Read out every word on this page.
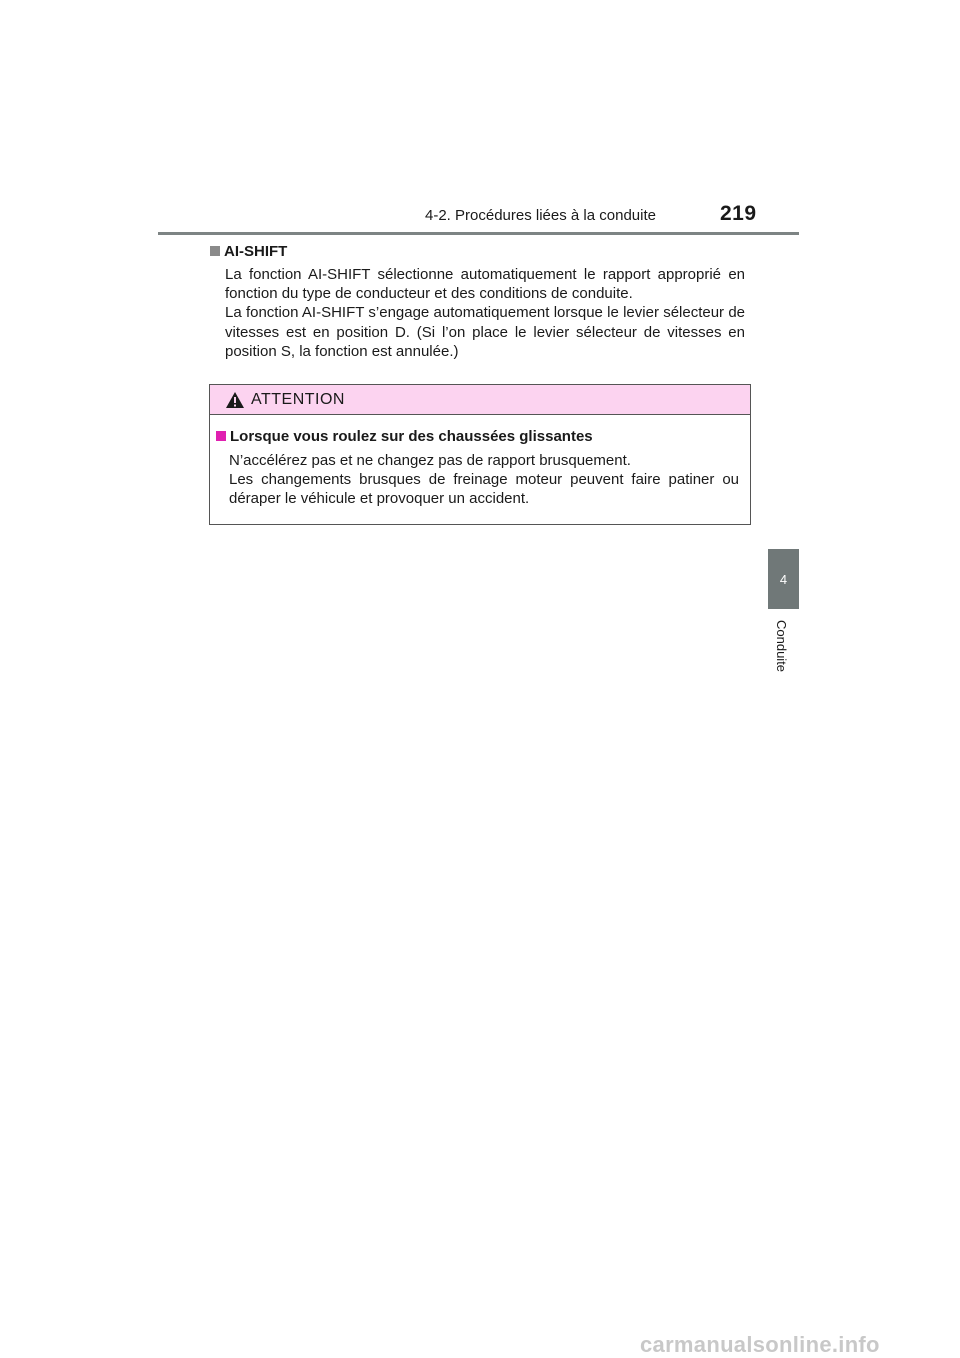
4-2. Procédures liées à la conduite	219
4
Conduite
AI-SHIFT

La fonction AI-SHIFT sélectionne automatiquement le rapport approprié en fonction du type de conducteur et des conditions de conduite.

La fonction AI-SHIFT s’engage automatiquement lorsque le levier sélecteur de vitesses est en position D. (Si l’on place le levier sélecteur de vitesses en position S, la fonction est annulée.)

ATTENTION
Lorsque vous roulez sur des chaussées glissantes

N’accélérez pas et ne changez pas de rapport brusquement.

Les changements brusques de freinage moteur peuvent faire patiner ou déraper le véhicule et provoquer un accident.

carmanualsonline.info
